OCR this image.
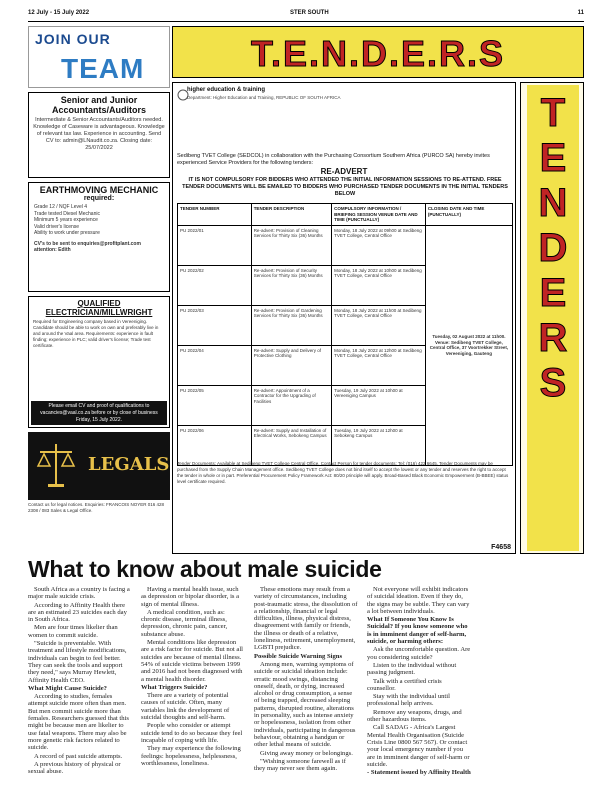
12 July - 15 July 2022	STER SOUTH	11
JOIN OUR
TEAM	T.E.N.D.E.R.S
T
E
N
D
E
R
S
Senior and Junior Accountants/Auditors
Intermediate & Senior Accountants/Auditors needed. Knowledge of Caseware is advantageous. Knowledge of relevant tax law. Experience in accounting. Send CV to: admin@LNaudit.co.za. Closing date: 25/07/2022
EARTHMOVING MECHANIC
required:
Grade 12 / NQF Level 4
Trade tested Diesel Mechanic
Minimum 5 years experience
Valid driver's license
Ability to work under pressure
CV's to be sent to enquiries@profitplant.com attention: Edith
QUALIFIED ELECTRICIAN/MILLWRIGHT
Required for Engineering company based in Vereeniging. Candidate should be able to work on own and preferably live in and around the Vaal area. Requirements: experience in fault finding; experience in PLC; valid driver's license; Trade test certificate.
Please email CV and proof of qualifications to vacancies@vaal.co.za before or by close of business Friday, 15 July 2022.
LEGALS
Contact us for legal notices. Enquiries: FRANCOIS NOYER 016 428 2308 / 083 Sales & Legal Office.
higher education & training
Department: Higher Education and Training, REPUBLIC OF SOUTH AFRICA
Sedibeng TVET College (SEDCOL) in collaboration with the Purchasing Consortium Southern Africa (PURCO SA) hereby invites experienced Service Providers for the following tenders:
RE-ADVERT
IT IS NOT COMPULSORY FOR BIDDERS WHO ATTENDED THE INITIAL INFORMATION SESSIONS TO RE-ATTEND. FREE TENDER DOCUMENTS WILL BE EMAILED TO BIDDERS WHO PURCHASED TENDER DOCUMENTS IN THE INITIAL TENDERS BELOW
TENDER NUMBER	TENDER DESCRIPTION	COMPULSORY INFORMATION / BRIEFING SESSION VENUE DATE AND TIME (PUNCTUALLY)	CLOSING DATE AND TIME (PUNCTUALLY)
PU 2022/01	Re-advert: Provision of Cleaning Services for Thirty Six (36) Months	Monday, 18 July 2022 at 09h00 at Sedibeng TVET College, Central Office	Tuesday, 02 August 2022 at 11h00. Venue: Sedibeng TVET College, Central Office, 37 Voortrekker Street, Vereeniging, Gauteng
PU 2022/02	Re-advert: Provision of Security Services for Thirty Six (36) Months	Monday, 18 July 2022 at 10h00 at Sedibeng TVET College, Central Office	
PU 2022/03	Re-advert: Provision of Gardening Services for Thirty Six (36) Months	Monday, 18 July 2022 at 11h00 at Sedibeng TVET College, Central Office	
PU 2022/04	Re-advert: Supply and Delivery of Protective Clothing	Monday, 18 July 2022 at 12h00 at Sedibeng TVET College, Central Office	
PU 2022/05	Re-advert: Appointment of a Contractor for the Upgrading of Facilities	Tuesday, 19 July 2022 at 10h00 at Vereeniging Campus	
PU 2022/06	Re-advert: Supply and Installation of Electrical Works, Sebokeng Campus	Tuesday, 19 July 2022 at 12h00 at Sebokeng Campus	
Tender Documents: Available at Sedibeng TVET College Central Office. Contact Person for tender documents: Tel: (016) 422 6645. Tender Documents may be purchased from the Supply Chain Management office. Sedibeng TVET College does not bind itself to accept the lowest or any tender and reserves the right to accept the tender in whole or in part. Preferential Procurement Policy Framework Act: 80/20 principle will apply. Broad-Based Black Economic Empowerment (B-BBEE) status level certificate required.
F4658
What to know about male suicide

South Africa as a country is facing a major male suicide crisis.

According to Affinity Health there are an estimated 23 suicides each day in South Africa.

Men are four times likelier than women to commit suicide.

"Suicide is preventable. With treatment and lifestyle modifications, individuals can begin to feel better. They can seek the tools and support they need," says Murray Hewlett, Affinity Health CEO.

What Might Cause Suicide?

According to studies, females attempt suicide more often than men. But men commit suicide more than females. Researchers guessed that this might be because men are likelier to use fatal weapons. There may also be more genetic risk factors related to suicide.

A record of past suicide attempts.

A previous history of physical or sexual abuse.

Having a mental health issue, such as depression or bipolar disorder, is a sign of mental illness.

A medical condition, such as: chronic disease, terminal illness, depression, chronic pain, cancer, substance abuse.

Mental conditions like depression are a risk factor for suicide. But not all suicides are because of mental illness. 54% of suicide victims between 1999 and 2016 had not been diagnosed with a mental health disorder.

What Triggers Suicide?

There are a variety of potential causes of suicide. Often, many variables link the development of suicidal thoughts and self-harm.

People who consider or attempt suicide tend to do so because they feel incapable of coping with life.

They may experience the following feelings: hopelessness, helplessness, worthlessness, loneliness.

These emotions may result from a variety of circumstances, including post-traumatic stress, the dissolution of a relationship, financial or legal difficulties, illness, physical distress, disagreement with family or friends, the illness or death of a relative, loneliness, retirement, unemployment, LGBTI prejudice.

Possible Suicide Warning Signs

Among men, warning symptoms of suicide or suicidal ideation include: erratic mood swings, distancing oneself, death, or dying, increased alcohol or drug consumption, a sense of being trapped, decreased sleeping patterns, disrupted routine, alterations in personality, such as intense anxiety or hopelessness, isolation from other individuals, participating in dangerous behaviour, obtaining a handgun or other lethal means of suicide.

Giving away money or belongings.

"Wishing someone farewell as if they may never see them again.

Not everyone will exhibit indicators of suicidal ideation. Even if they do, the signs may be subtle. They can vary a lot between individuals.

What If Someone You Know Is Suicidal? If you know someone who is in imminent danger of self-harm, suicide, or harming others:

Ask the uncomfortable question. Are you considering suicide?

Listen to the individual without passing judgment.

Talk with a certified crisis counsellor.

Stay with the individual until professional help arrives.

Remove any weapons, drugs, and other hazardous items.

Call SADAG - Africa's Largest Mental Health Organisation (Suicide Crisis Line 0800 567 567). Or contact your local emergency number if you are in imminent danger of self-harm or suicide.

- Statement issued by Affinity Health
